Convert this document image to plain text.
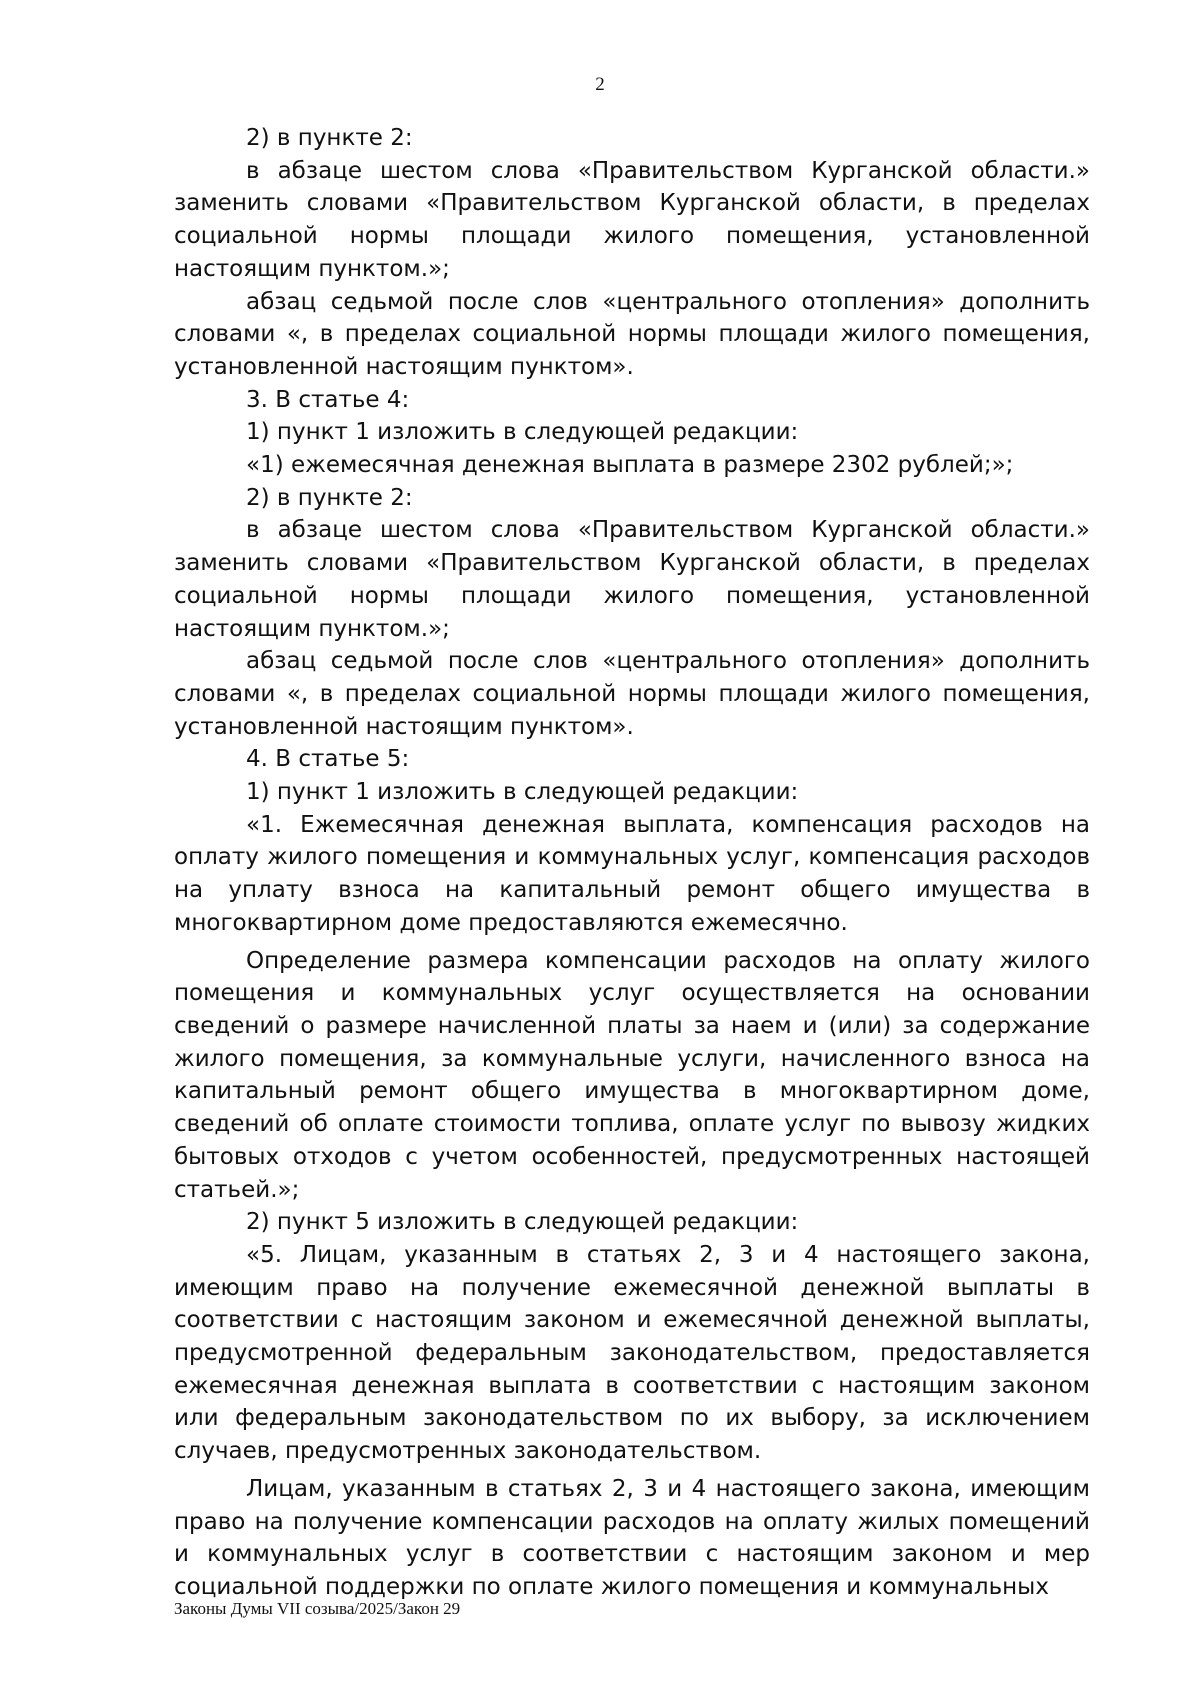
2

2) в пункте 2:

в абзаце шестом слова «Правительством Курганской области.» заменить словами «Правительством Курганской области, в пределах социальной нормы площади жилого помещения, установленной настоящим пунктом.»;

абзац седьмой после слов «центрального отопления» дополнить словами «, в пределах социальной нормы площади жилого помещения, установленной настоящим пунктом».

3. В статье 4:

1) пункт 1 изложить в следующей редакции:

«1) ежемесячная денежная выплата в размере 2302 рублей;»;

2) в пункте 2:

в абзаце шестом слова «Правительством Курганской области.» заменить словами «Правительством Курганской области, в пределах социальной нормы площади жилого помещения, установленной настоящим пунктом.»;

абзац седьмой после слов «центрального отопления» дополнить словами «, в пределах социальной нормы площади жилого помещения, установленной настоящим пунктом».

4. В статье 5:

1) пункт 1 изложить в следующей редакции:

«1. Ежемесячная денежная выплата, компенсация расходов на оплату жилого помещения и коммунальных услуг, компенсация расходов на уплату взноса на капитальный ремонт общего имущества в многоквартирном доме предоставляются ежемесячно.

Определение размера компенсации расходов на оплату жилого помещения и коммунальных услуг осуществляется на основании сведений о размере начисленной платы за наем и (или) за содержание жилого помещения, за коммунальные услуги, начисленного взноса на капитальный ремонт общего имущества в многоквартирном доме, сведений об оплате стоимости топлива, оплате услуг по вывозу жидких бытовых отходов с учетом особенностей, предусмотренных настоящей статьей.»;

2) пункт 5 изложить в следующей редакции:

«5. Лицам, указанным в статьях 2, 3 и 4 настоящего закона, имеющим право на получение ежемесячной денежной выплаты в соответствии с настоящим законом и ежемесячной денежной выплаты, предусмотренной федеральным законодательством, предоставляется ежемесячная денежная выплата в соответствии с настоящим законом или федеральным законодательством по их выбору, за исключением случаев, предусмотренных законодательством.

Лицам, указанным в статьях 2, 3 и 4 настоящего закона, имеющим право на получение компенсации расходов на оплату жилых помещений и коммунальных услуг в соответствии с настоящим законом и мер социальной поддержки по оплате жилого помещения и коммунальных

Законы Думы VII созыва/2025/Закон 29
